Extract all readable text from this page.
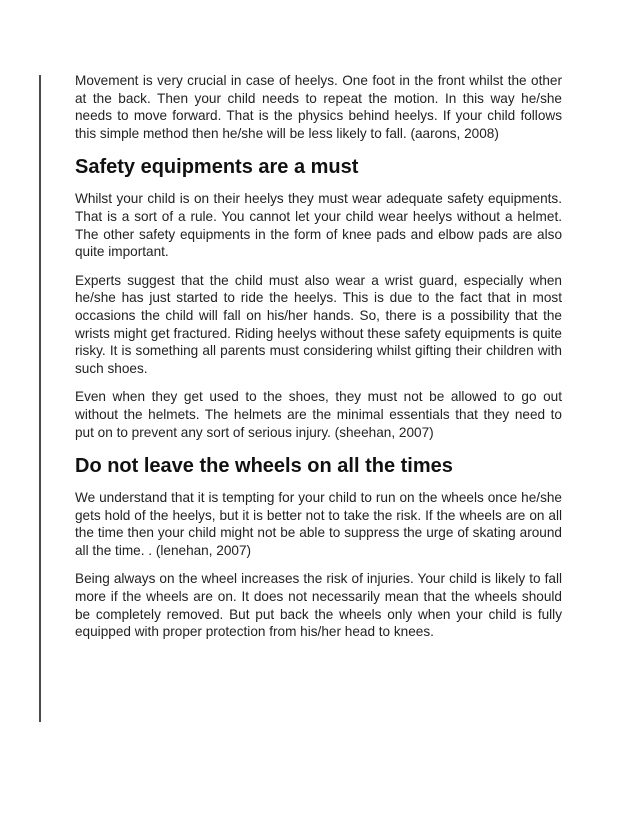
Movement is very crucial in case of heelys. One foot in the front whilst the other at the back. Then your child needs to repeat the motion. In this way he/she needs to move forward. That is the physics behind heelys. If your child follows this simple method then he/she will be less likely to fall. (aarons, 2008)

Safety equipments are a must

Whilst your child is on their heelys they must wear adequate safety equipments. That is a sort of a rule. You cannot let your child wear heelys without a helmet. The other safety equipments in the form of knee pads and elbow pads are also quite important.

Experts suggest that the child must also wear a wrist guard, especially when he/she has just started to ride the heelys. This is due to the fact that in most occasions the child will fall on his/her hands. So, there is a possibility that the wrists might get fractured. Riding heelys without these safety equipments is quite risky. It is something all parents must considering whilst gifting their children with such shoes.

Even when they get used to the shoes, they must not be allowed to go out without the helmets. The helmets are the minimal essentials that they need to put on to prevent any sort of serious injury. (sheehan, 2007)

Do not leave the wheels on all the times

We understand that it is tempting for your child to run on the wheels once he/she gets hold of the heelys, but it is better not to take the risk. If the wheels are on all the time then your child might not be able to suppress the urge of skating around all the time. . (lenehan, 2007)

Being always on the wheel increases the risk of injuries. Your child is likely to fall more if the wheels are on. It does not necessarily mean that the wheels should be completely removed. But put back the wheels only when your child is fully equipped with proper protection from his/her head to knees.
